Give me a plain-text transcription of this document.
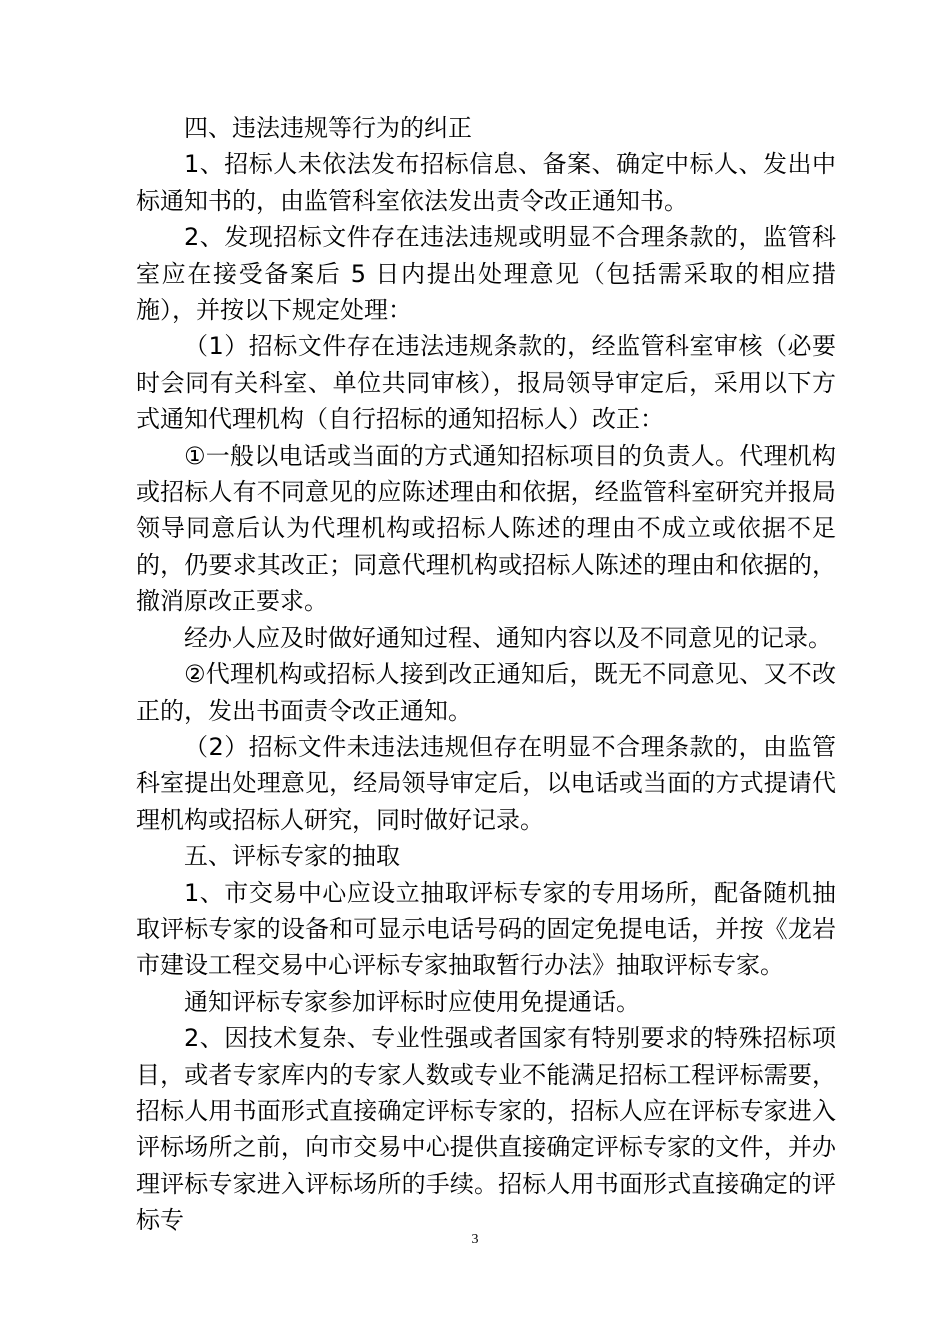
四、违法违规等行为的纠正

1、招标人未依法发布招标信息、备案、确定中标人、发出中标通知书的，由监管科室依法发出责令改正通知书。

2、发现招标文件存在违法违规或明显不合理条款的，监管科室应在接受备案后 5 日内提出处理意见（包括需采取的相应措施），并按以下规定处理：

（1）招标文件存在违法违规条款的，经监管科室审核（必要时会同有关科室、单位共同审核），报局领导审定后，采用以下方式通知代理机构（自行招标的通知招标人）改正：

①一般以电话或当面的方式通知招标项目的负责人。代理机构或招标人有不同意见的应陈述理由和依据，经监管科室研究并报局领导同意后认为代理机构或招标人陈述的理由不成立或依据不足的，仍要求其改正；同意代理机构或招标人陈述的理由和依据的，撤消原改正要求。

经办人应及时做好通知过程、通知内容以及不同意见的记录。

②代理机构或招标人接到改正通知后，既无不同意见、又不改正的，发出书面责令改正通知。

（2）招标文件未违法违规但存在明显不合理条款的，由监管科室提出处理意见，经局领导审定后，以电话或当面的方式提请代理机构或招标人研究，同时做好记录。

五、评标专家的抽取

1、市交易中心应设立抽取评标专家的专用场所，配备随机抽取评标专家的设备和可显示电话号码的固定免提电话，并按《龙岩市建设工程交易中心评标专家抽取暂行办法》抽取评标专家。

通知评标专家参加评标时应使用免提通话。

2、因技术复杂、专业性强或者国家有特别要求的特殊招标项目，或者专家库内的专家人数或专业不能满足招标工程评标需要，招标人用书面形式直接确定评标专家的，招标人应在评标专家进入评标场所之前，向市交易中心提供直接确定评标专家的文件，并办理评标专家进入评标场所的手续。招标人用书面形式直接确定的评标专

3
